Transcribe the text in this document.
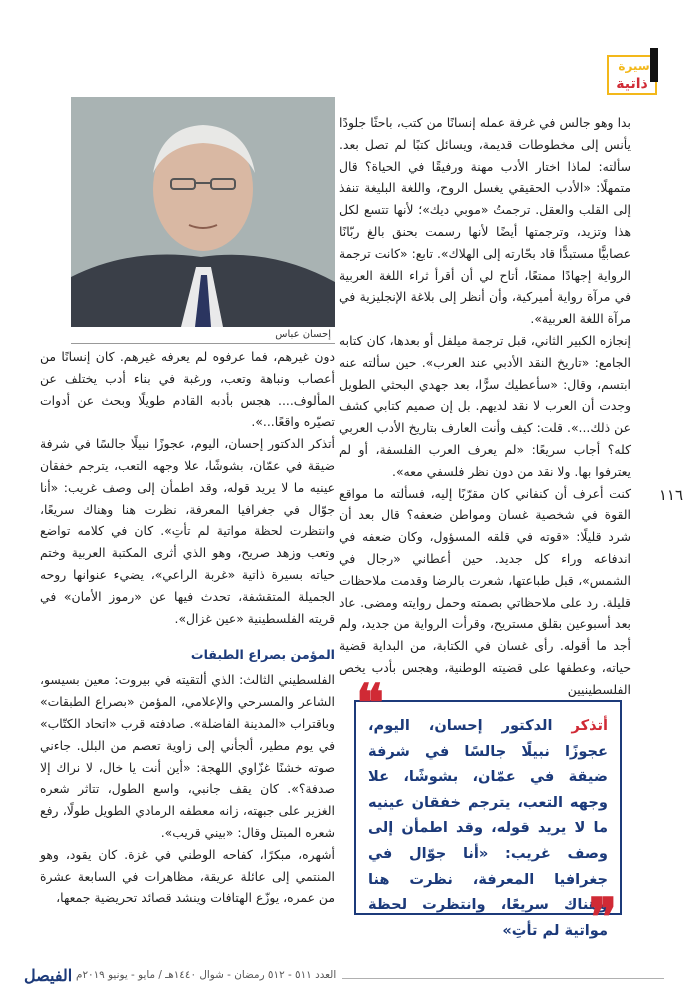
سيرة
ذاتية
١١٦
إحسان عباس

بدا وهو جالس في غرفة عمله إنسانًا من كتب، باحثًا جلودًا يأنس إلى مخطوطات قديمة، ويسائل كتبًا لم تصل بعد. سألته: لماذا اختار الأدب مهنة ورفيقًا في الحياة؟ قال متمهلًا: «الأدب الحقيقي يغسل الروح، واللغة البليغة تنفذ إلى القلب والعقل. ترجمتُ «موبي ديك»؛ لأنها تتسع لكل هذا وتزيد، وترجمتها أيضًا لأنها رسمت بحنق بالغ ربّانًا عصابيًّا مستبدًّا قاد بحّارته إلى الهلاك». تابع: «كانت ترجمة الرواية إجهادًا ممتعًا، أتاح لي أن أقرأ ثراء اللغة العربية في مرآة رواية أميركية، وأن أنظر إلى بلاغة الإنجليزية في مرآة اللغة العربية».

إنجازه الكبير الثاني، قبل ترجمة ميلفل أو بعدها، كان كتابه الجامع: «تاريخ النقد الأدبي عند العرب». حين سألته عنه ابتسم، وقال: «سأعطيك سرًّا، بعد جهدي البحثي الطويل وجدت أن العرب لا نقد لديهم. بل إن صميم كتابي كشف عن ذلك...». قلت: كيف وأنت العارف بتاريخ الأدب العربي كله؟ أجاب سريعًا: «لم يعرف العرب الفلسفة، أو لم يعترفوا بها. ولا نقد من دون نظر فلسفي معه».

كنت أعرف أن كنفاني كان مقرّبًا إليه، فسألته ما مواقع القوة في شخصية غسان ومواطن ضعفه؟ قال بعد أن شرد قليلًا: «قوته في قلقه المسؤول، وكان ضعفه في اندفاعه وراء كل جديد. حين أعطاني «رجال في الشمس»، قبل طباعتها، شعرت بالرضا وقدمت ملاحظات قليلة. رد على ملاحظاتي بصمته وحمل روايته ومضى. عاد بعد أسبوعين بقلق مستريح، وقرأت الرواية من جديد، ولم أجد ما أقوله. رأى غسان في الكتابة، من البداية قضية حياته، وعطفها على قضيته الوطنية، وهجس بأدب يخص الفلسطينيين

دون غيرهم، فما عرفوه لم يعرفه غيرهم. كان إنسانًا من أعصاب ونباهة وتعب، ورغبة في بناء أدب يختلف عن المألوف.... هجس بأدبه القادم طويلًا وبحث عن أدوات تصيّره واقعًا...».

أتذكر الدكتور إحسان، اليوم، عجوزًا نبيلًا جالسًا في شرفة ضيقة في عمّان، بشوشًا، علا وجهه التعب، يترجم خفقان عينيه ما لا يريد قوله، وقد اطمأن إلى وصف غريب: «أنا جوّال في جغرافيا المعرفة، نظرت هنا وهناك سريعًا، وانتظرت لحظة مواتية لم تأتِ». كان في كلامه تواضع وتعب وزهد صريح، وهو الذي أثرى المكتبة العربية وختم حياته بسيرة ذاتية «غربة الراعي»، يضيء عنوانها روحه الجميلة المتقشفة، تحدث فيها عن «رموز الأمان» في قريته الفلسطينية «عين غزال».

المؤمن بصراع الطبقات

الفلسطيني الثالث: الذي ألتقيته في بيروت: معين بسيسو، الشاعر والمسرحي والإعلامي، المؤمن «بصراع الطبقات» وباقتراب «المدينة الفاضلة». صادفته قرب «اتحاد الكتّاب» في يوم مطير، ألجأني إلى زاوية تعصم من البلل. جاءني صوته خشنًا غزّاوي اللهجة: «أين أنت يا خال، لا نراك إلا صدفة؟». كان يقف جانبي، واسع الطول، تتاثر شعره الغزير على جبهته، زانه معطفه الرمادي الطويل طولًا، رفع شعره المبتل وقال: «بيني قريب».

أشهره، مبكرًا، كفاحه الوطني في غزة. كان يقود، وهو المنتمي إلى عائلة عريقة، مظاهرات في السابعة عشرة من عمره، يوزّع الهتافات وينشد قصائد تحريضية جمعها،

❝	أتذكر الدكتور إحسان، اليوم، عجوزًا نبيلًا جالسًا في شرفة ضيقة في عمّان، بشوشًا، علا وجهه التعب، يترجم خفقان عينيه ما لا يريد قوله، وقد اطمأن إلى وصف غريب: «أنا جوّال في جغرافيا المعرفة، نظرت هنا وهناك سريعًا، وانتظرت لحظة مواتية لم تأتِ»
❞
العدد ٥١١ - ٥١٢ رمضان - شوال ١٤٤٠هـ / مايو - يونيو ٢٠١٩م
الفيصل
